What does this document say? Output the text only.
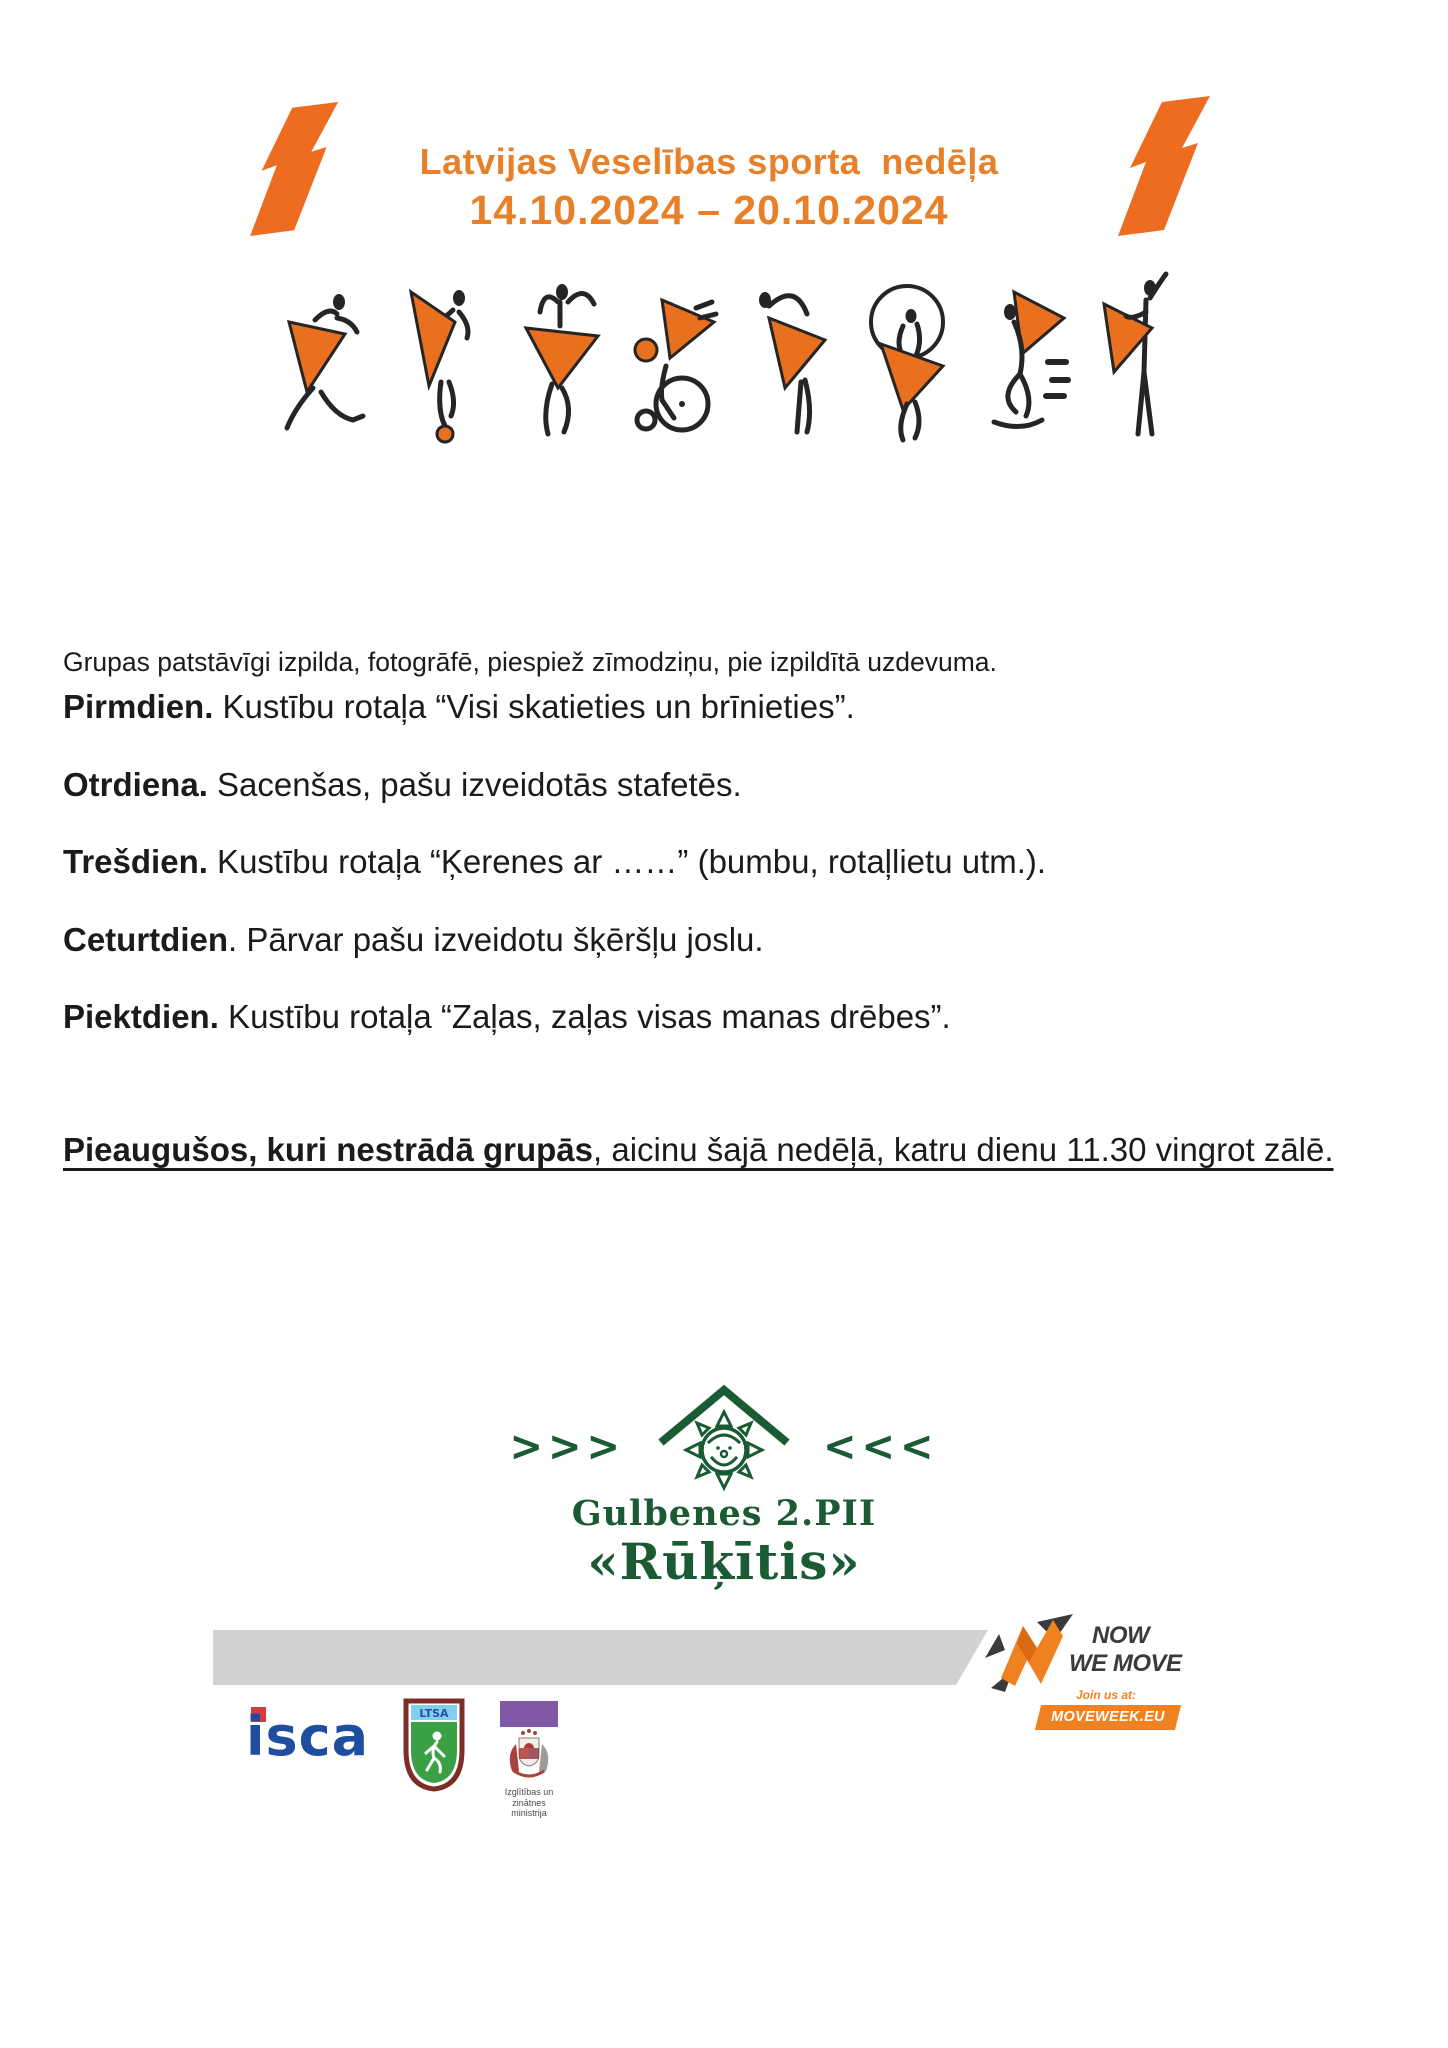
Latvijas Veselības sporta  nedēļa
14.10.2024 – 20.10.2024

Grupas patstāvīgi izpilda, fotogrāfē, piespiež zīmodziņu, pie izpildītā uzdevuma.

Pirmdien. Kustību rotaļa “Visi skatieties un brīnieties”.

Otrdiena. Sacenšas, pašu izveidotās stafetēs.

Trešdien. Kustību rotaļa “Ķerenes ar ……” (bumbu, rotaļlietu utm.).

Ceturtdien. Pārvar pašu izveidotu šķēršļu joslu.

Piektdien. Kustību rotaļa “Zaļas, zaļas visas manas drēbes”.

Pieaugušos, kuri nestrādā grupās, aicinu šajā nedēļā, katru dienu 11.30 vingrot zālē.

>>>	<<<
Gulbenes 2.PII
«Rūķītis»
NOW
WE MOVE
Join us at:
MOVEWEEK.EU
isca	LTSA
Izglītības un zinātnes
ministrija
